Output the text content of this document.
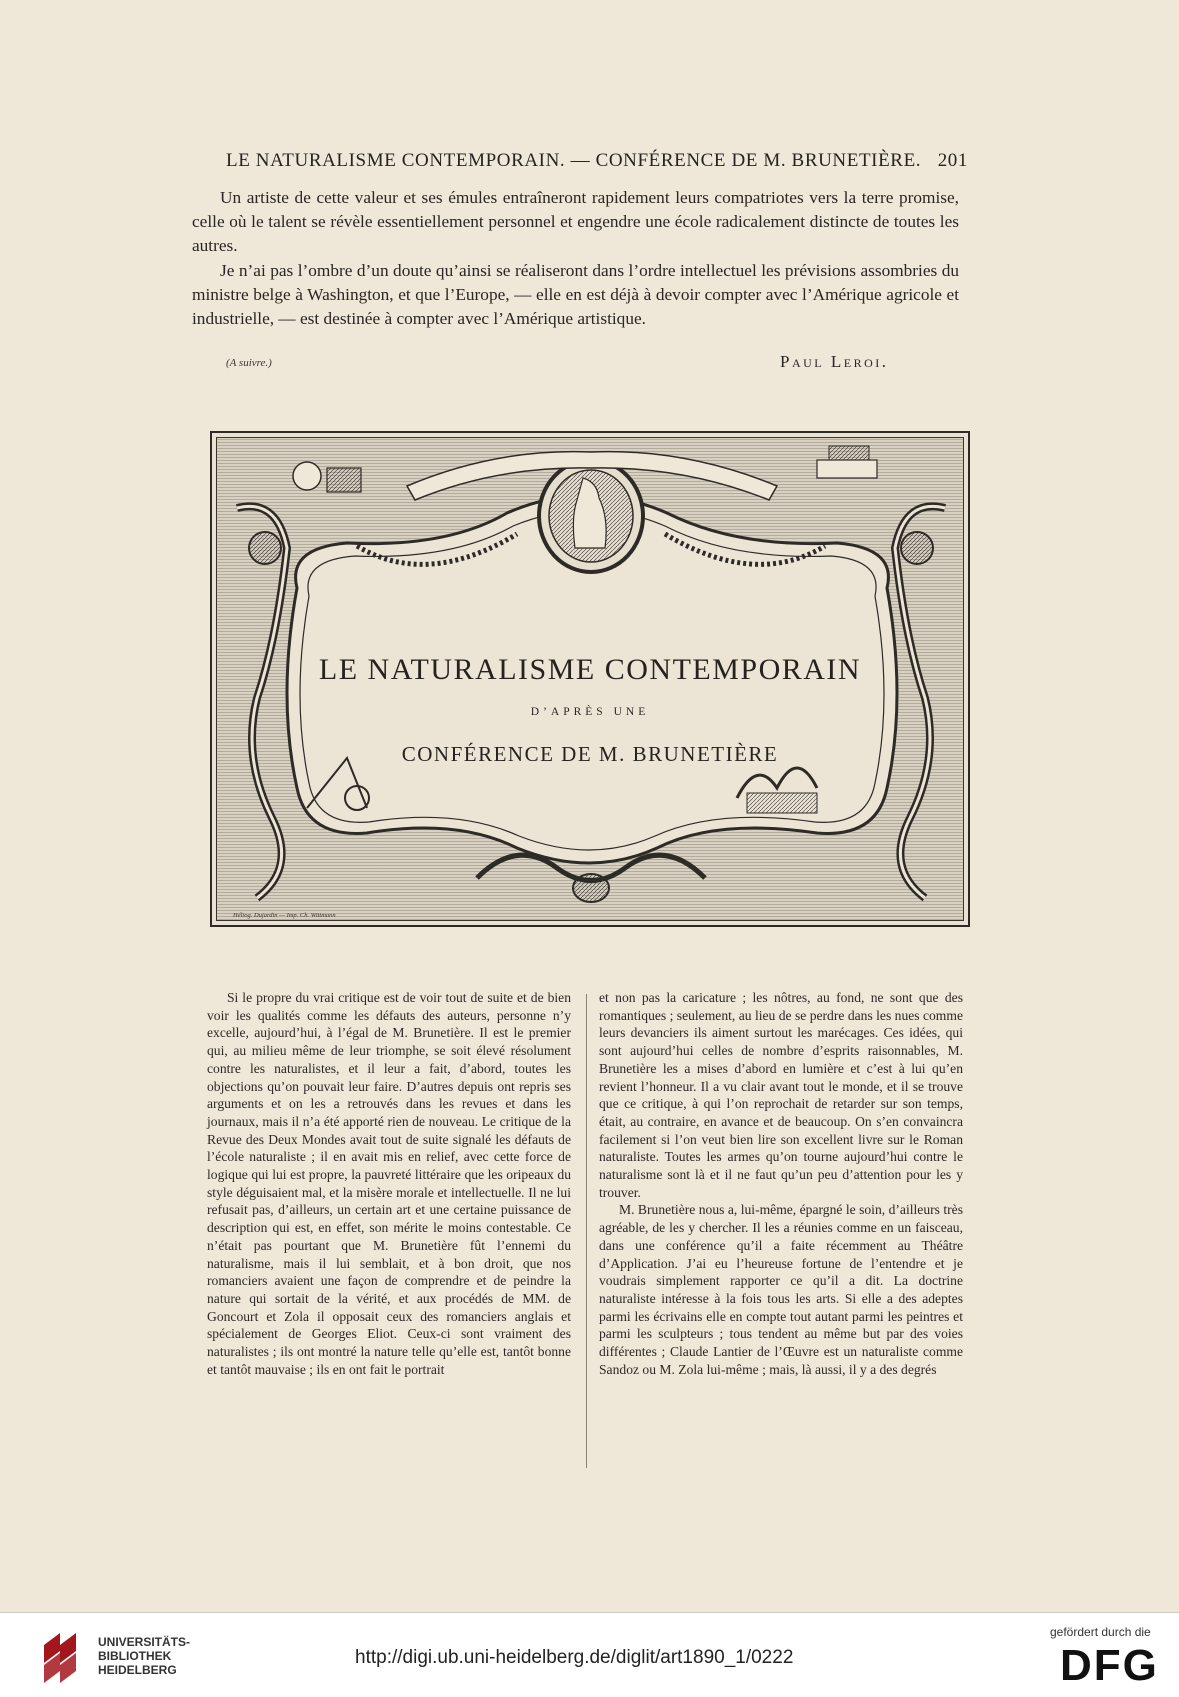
LE NATURALISME CONTEMPORAIN. — CONFÉRENCE DE M. BRUNETIÈRE. 201

Un artiste de cette valeur et ses émules entraîneront rapidement leurs compatriotes vers la terre promise, celle où le talent se révèle essentiellement personnel et engendre une école radicalement distincte de toutes les autres.

Je n’ai pas l’ombre d’un doute qu’ainsi se réaliseront dans l’ordre intellectuel les prévisions assombries du ministre belge à Washington, et que l’Europe, — elle en est déjà à devoir compter avec l’Amérique agricole et industrielle, — est destinée à compter avec l’Amérique artistique.

(A suivre.)	Paul Leroi.
LE NATURALISME CONTEMPORAIN
D’APRÈS UNE
CONFÉRENCE DE M. BRUNETIÈRE
Héliog. Dujardin — Imp. Ch. Wittmann

Si le propre du vrai critique est de voir tout de suite et de bien voir les qualités comme les défauts des auteurs, personne n’y excelle, aujourd’hui, à l’égal de M. Brunetière. Il est le premier qui, au milieu même de leur triomphe, se soit élevé résolument contre les naturalistes, et il leur a fait, d’abord, toutes les objections qu’on pouvait leur faire. D’autres depuis ont repris ses arguments et on les a retrouvés dans les revues et dans les journaux, mais il n’a été apporté rien de nouveau. Le critique de la Revue des Deux Mondes avait tout de suite signalé les défauts de l’école naturaliste ; il en avait mis en relief, avec cette force de logique qui lui est propre, la pauvreté littéraire que les oripeaux du style déguisaient mal, et la misère morale et intellectuelle. Il ne lui refusait pas, d’ailleurs, un certain art et une certaine puissance de description qui est, en effet, son mérite le moins contestable. Ce n’était pas pourtant que M. Brunetière fût l’ennemi du naturalisme, mais il lui semblait, et à bon droit, que nos romanciers avaient une façon de comprendre et de peindre la nature qui sortait de la vérité, et aux procédés de MM. de Goncourt et Zola il opposait ceux des romanciers anglais et spécialement de Georges Eliot. Ceux-ci sont vraiment des naturalistes ; ils ont montré la nature telle qu’elle est, tantôt bonne et tantôt mauvaise ; ils en ont fait le portrait

et non pas la caricature ; les nôtres, au fond, ne sont que des romantiques ; seulement, au lieu de se perdre dans les nues comme leurs devanciers ils aiment surtout les marécages. Ces idées, qui sont aujourd’hui celles de nombre d’esprits raisonnables, M. Brunetière les a mises d’abord en lumière et c’est à lui qu’en revient l’honneur. Il a vu clair avant tout le monde, et il se trouve que ce critique, à qui l’on reprochait de retarder sur son temps, était, au contraire, en avance et de beaucoup. On s’en convaincra facilement si l’on veut bien lire son excellent livre sur le Roman naturaliste. Toutes les armes qu’on tourne aujourd’hui contre le naturalisme sont là et il ne faut qu’un peu d’attention pour les y trouver.

M. Brunetière nous a, lui-même, épargné le soin, d’ailleurs très agréable, de les y chercher. Il les a réunies comme en un faisceau, dans une conférence qu’il a faite récemment au Théâtre d’Application. J’ai eu l’heureuse fortune de l’entendre et je voudrais simplement rapporter ce qu’il a dit. La doctrine naturaliste intéresse à la fois tous les arts. Si elle a des adeptes parmi les écrivains elle en compte tout autant parmi les peintres et parmi les sculpteurs ; tous tendent au même but par des voies différentes ; Claude Lantier de l’Œuvre est un naturaliste comme Sandoz ou M. Zola lui-même ; mais, là aussi, il y a des degrés

UNIVERSITÄTS-
BIBLIOTHEK
HEIDELBERG
http://digi.ub.uni-heidelberg.de/diglit/art1890_1/0222
gefördert durch die
DFG
